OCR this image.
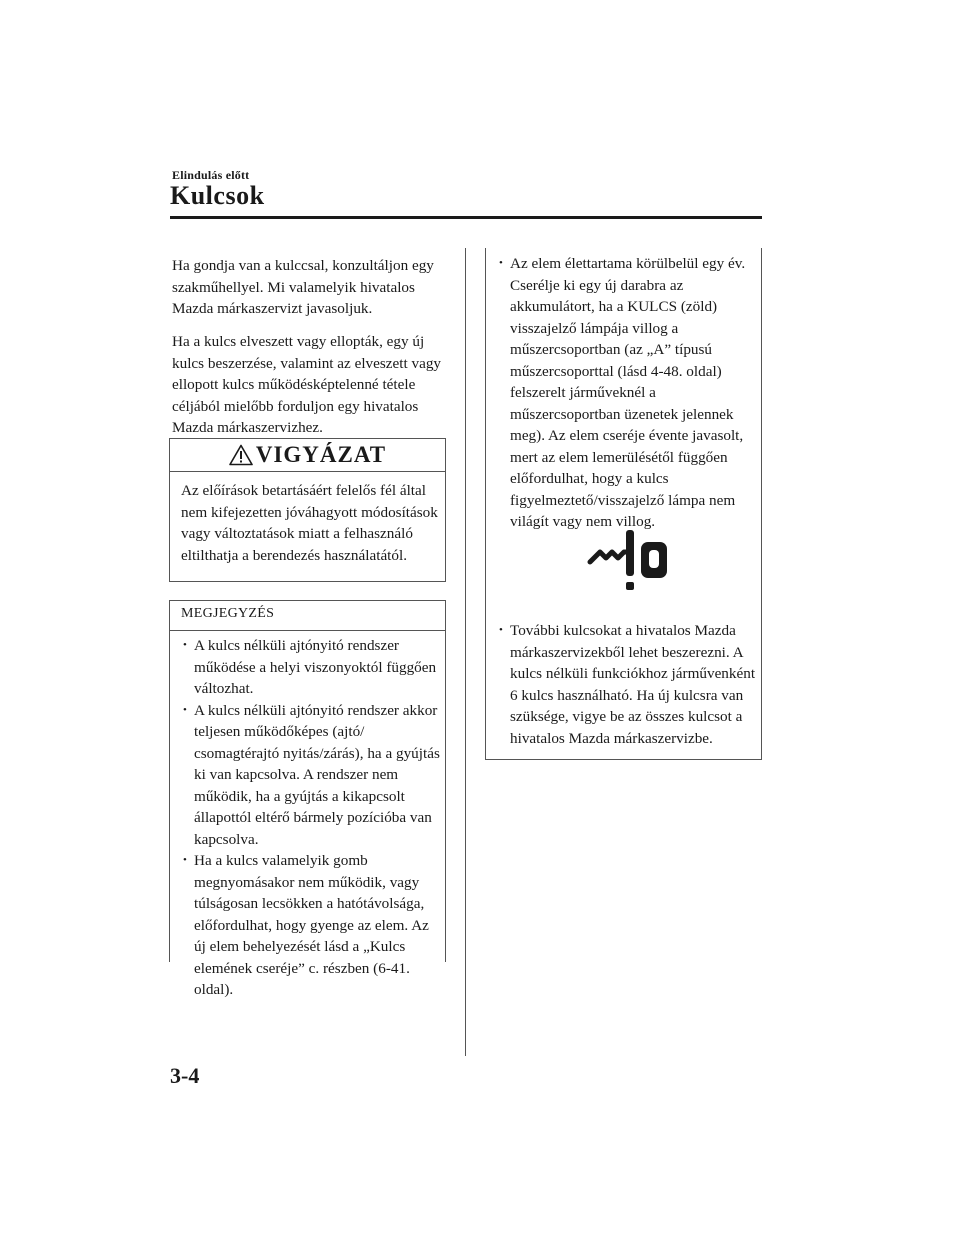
Elindulás előtt
Kulcsok
Ha gondja van a kulccsal, konzultáljon egy szakműhellyel. Mi valamelyik hivatalos Mazda márkaszervizt javasoljuk.
Ha a kulcs elveszett vagy ellopták, egy új kulcs beszerzése, valamint az elveszett vagy ellopott kulcs működésképtelenné tétele céljából mielőbb forduljon egy hivatalos Mazda márkaszervizhez.
VIGYÁZAT
Az előírások betartásáért felelős fél által nem kifejezetten jóváhagyott módosítások vagy változtatások miatt a felhasználó eltilthatja a berendezés használatától.
MEGJEGYZÉS
• A kulcs nélküli ajtónyitó rendszer működése a helyi viszonyoktól függően változhat.
• A kulcs nélküli ajtónyitó rendszer akkor teljesen működőképes (ajtó/ csomagtérajtó nyitás/zárás), ha a gyújtás ki van kapcsolva. A rendszer nem működik, ha a gyújtás a kikapcsolt állapottól eltérő bármely pozícióba van kapcsolva.
• Ha a kulcs valamelyik gomb megnyomásakor nem működik, vagy túlságosan lecsökken a hatótávolsága, előfordulhat, hogy gyenge az elem. Az új elem behelyezését lásd a „Kulcs elemének cseréje” c. részben (6-41. oldal).
• Az elem élettartama körülbelül egy év. Cserélje ki egy új darabra az akkumulátort, ha a KULCS (zöld) visszajelző lámpája villog a műszercsoportban (az „A” típusú műszercsoporttal (lásd 4-48. oldal) felszerelt járműveknél a műszercsoportban üzenetek jelennek meg). Az elem cseréje évente javasolt, mert az elem lemerülésétől függően előfordulhat, hogy a kulcs figyelmeztető/visszajelző lámpa nem világít vagy nem villog.
• További kulcsokat a hivatalos Mazda márkaszervizekből lehet beszerezni. A kulcs nélküli funkciókhoz járművenként 6 kulcs használható. Ha új kulcsra van szüksége, vigye be az összes kulcsot a hivatalos Mazda márkaszervizbe.
3-4
